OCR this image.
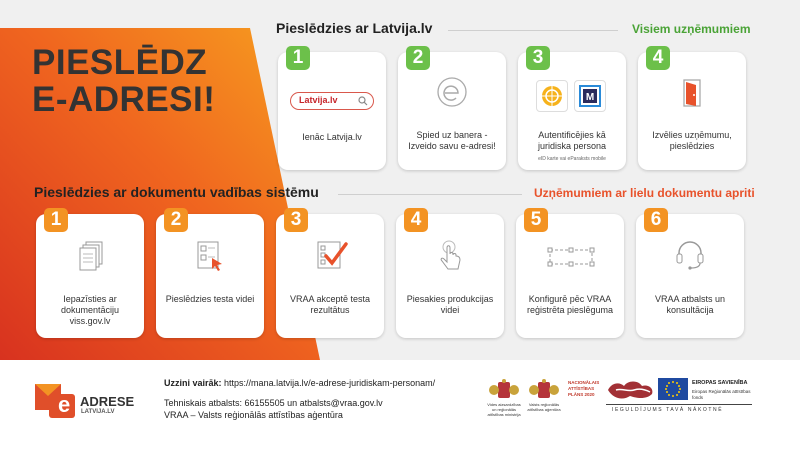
PIESLĒDZ
E-ADRESI!
Pieslēdzies ar Latvija.lv	Visiem uzņēmumiem
1
Latvija.lv
Ienāc Latvija.lv
2
Spied uz banera - Izveido savu e-adresi!
3
M
Autentificējies kā juridiska persona
eID karte vai eParaksts mobile
4
Izvēlies uzņēmumu, pieslēdzies
Pieslēdzies ar dokumentu vadības sistēmu	Uzņēmumiem ar lielu dokumentu apriti
1
Iepazīsties ar dokumentāciju viss.gov.lv
2
Pieslēdzies testa videi
3
VRAA akceptē testa rezultātus
4
Piesakies produkcijas videi
5
Konfigurē pēc VRAA reģistrēta pieslēguma
6
VRAA atbalsts un konsultācija
e ADRESE
LATVIJA.LV
Uzzini vairāk: https://mana.latvija.lv/e-adrese-juridiskam-personam/
Tehniskais atbalsts: 66155505 un atbalsts@vraa.gov.lv
VRAA – Valsts reģionālās attīstības aģentūra
Vides aizsardzības un reģionālās attīstības ministrija
Valsts reģionālās attīstības aģentūra
NACIONĀLAIS ATTĪSTĪBAS PLĀNS 2020
EIROPAS SAVIENĪBA
Eiropas Reģionālās attīstības fonds
IEGULDĪJUMS TAVĀ NĀKOTNĒ
